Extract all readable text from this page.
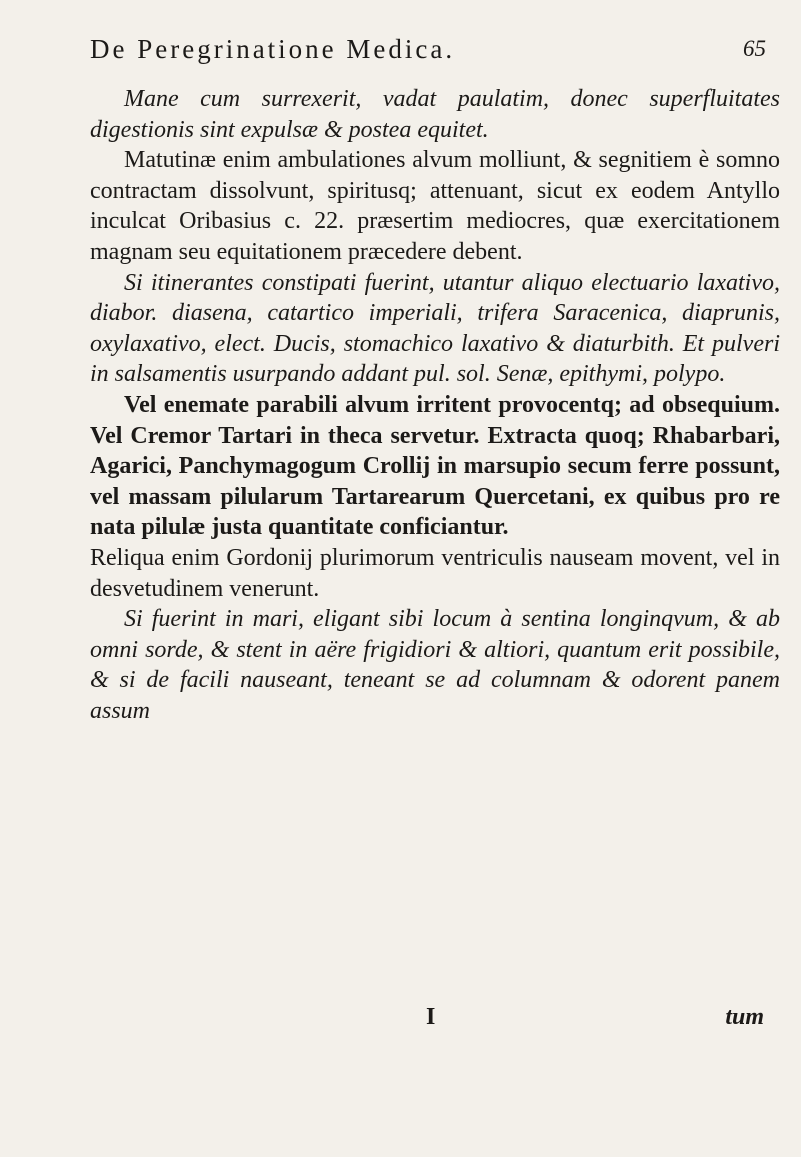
De Peregrinatione Medica.	65

Mane cum surrexerit, vadat paulatim, donec superfluitates digestionis sint expulsæ & postea equitet.

Matutinæ enim ambulationes alvum molliunt, & segnitiem è somno contractam dissolvunt, spiritusq; attenuant, sicut ex eodem Antyllo inculcat Oribasius c. 22. præsertim mediocres, quæ exercitationem magnam seu equitationem præcedere debent.

Si itinerantes constipati fuerint, utantur aliquo electuario laxativo, diabor. diasena, catartico imperiali, trifera Saracenica, diaprunis, oxylaxativo, elect. Ducis, stomachico laxativo & diaturbith. Et pulveri in salsamentis usurpando addant pul. sol. Senæ, epithymi, polypo.

Vel enemate parabili alvum irritent provocentq; ad obsequium. Vel Cremor Tartari in theca servetur. Extracta quoq; Rhabarbari, Agarici, Panchymagogum Crollij in marsupio secum ferre possunt, vel massam pilularum Tartarearum Quercetani, ex quibus pro re nata pilulæ justa quantitate conficiantur.

Reliqua enim Gordonij plurimorum ventriculis nauseam movent, vel in desvetudinem venerunt.

Si fuerint in mari, eligant sibi locum à sentina longinqvum, & ab omni sorde, & stent in aëre frigidiori & altiori, quantum erit possibile, & si de facili nauseant, teneant se ad columnam & odorent panem assum

I	tum
